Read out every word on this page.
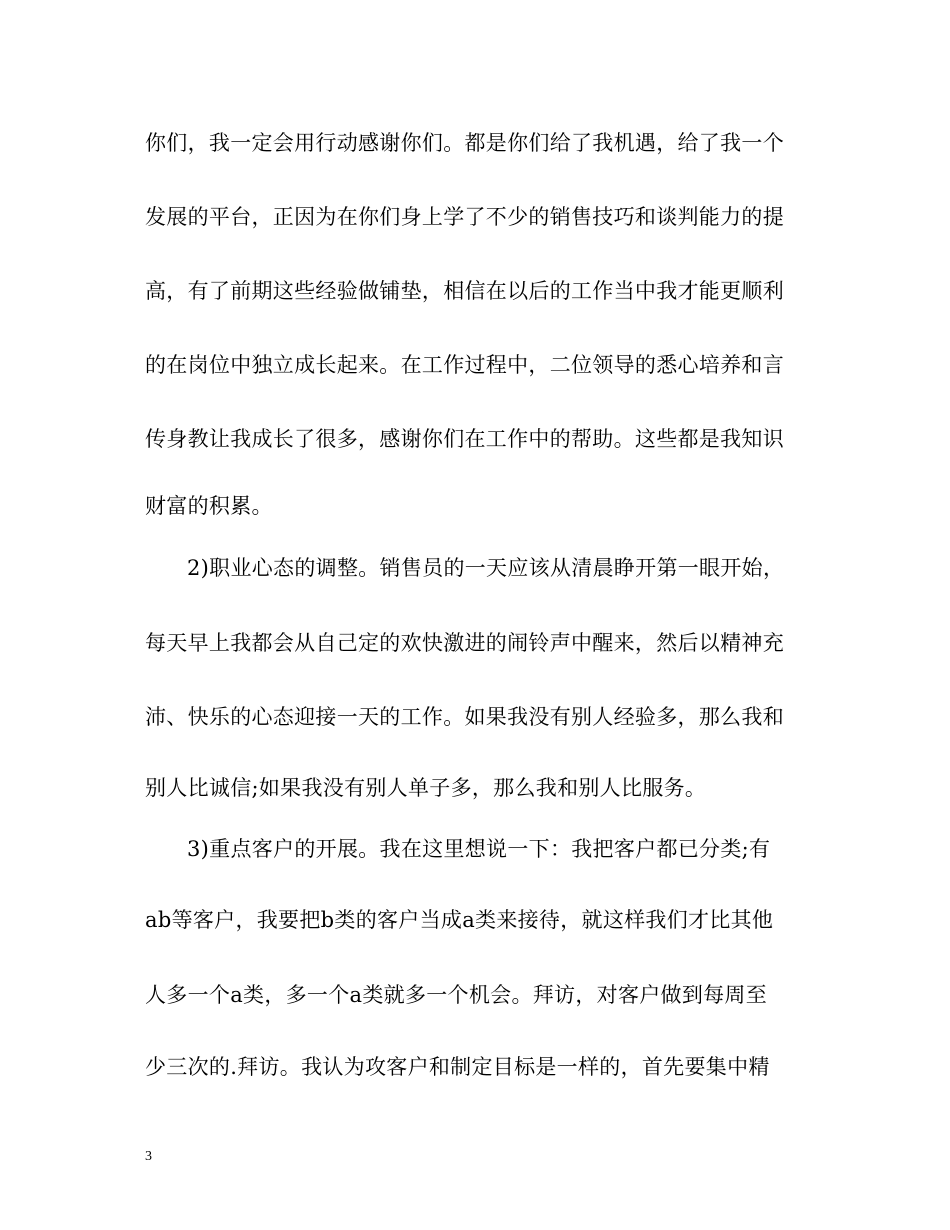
你们，我一定会用行动感谢你们。都是你们给了我机遇，给了我一个
发展的平台，正因为在你们身上学了不少的销售技巧和谈判能力的提
高，有了前期这些经验做铺垫，相信在以后的工作当中我才能更顺利
的在岗位中独立成长起来。在工作过程中，二位领导的悉心培养和言
传身教让我成长了很多，感谢你们在工作中的帮助。这些都是我知识
财富的积累。
2)职业心态的调整。销售员的一天应该从清晨睁开第一眼开始，
每天早上我都会从自己定的欢快激进的闹铃声中醒来，然后以精神充
沛、快乐的心态迎接一天的工作。如果我没有别人经验多，那么我和
别人比诚信;如果我没有别人单子多，那么我和别人比服务。
3)重点客户的开展。我在这里想说一下：我把客户都已分类;有
ab等客户，我要把b类的客户当成a类来接待，就这样我们才比其他
人多一个a类，多一个a类就多一个机会。拜访，对客户做到每周至
少三次的.拜访。我认为攻客户和制定目标是一样的，首先要集中精
3
